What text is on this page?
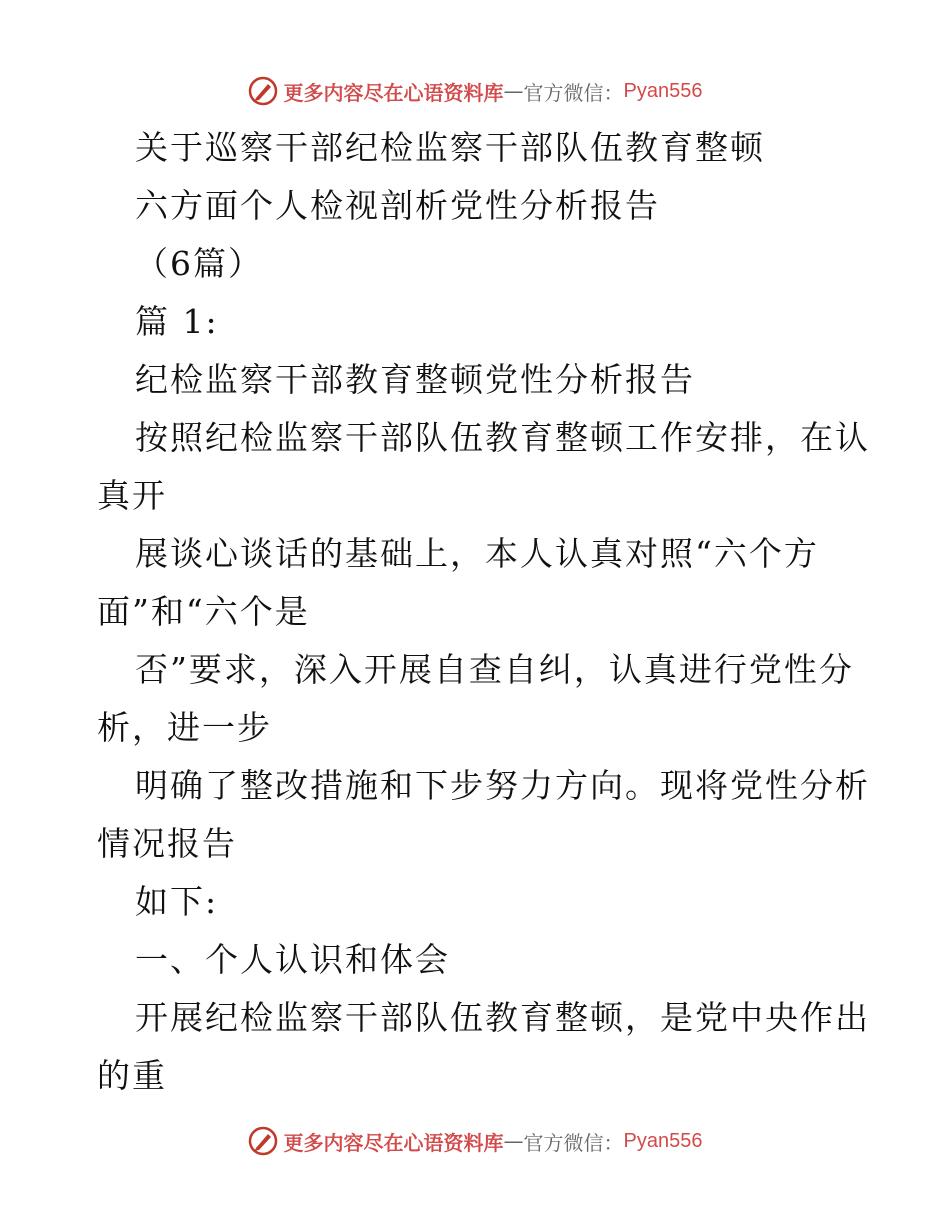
更多内容尽在心语资料库 — 官方微信： Pyan556
关于巡察干部纪检监察干部队伍教育整顿
六方面个人检视剖析党性分析报告
（6篇）
篇 1:
纪检监察干部教育整顿党性分析报告
按照纪检监察干部队伍教育整顿工作安排，在认
真开
展谈心谈话的基础上，本人认真对照“六个方
面”和“六个是
否”要求，深入开展自查自纠，认真进行党性分
析，进一步
明确了整改措施和下步努力方向。现将党性分析
情况报告
如下:
一、个人认识和体会
开展纪检监察干部队伍教育整顿，是党中央作出
的重
更多内容尽在心语资料库 — 官方微信： Pyan556
